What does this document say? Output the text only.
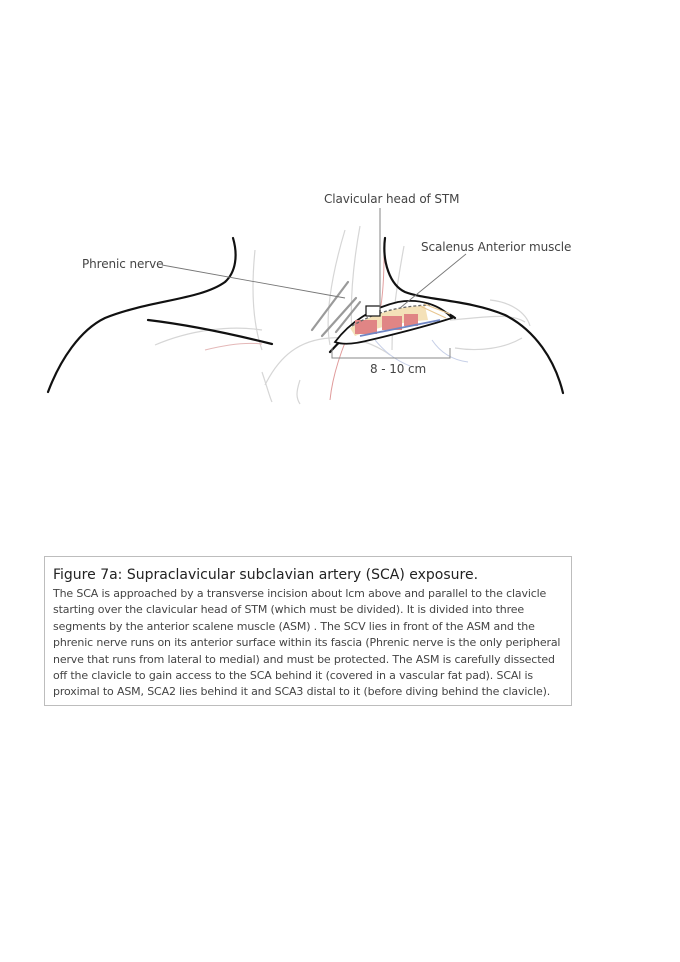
Phrenic nerve
Clavicular head of STM
Scalenus Anterior muscle
8 - 10 cm

Figure 7a: Supraclavicular subclavian artery (SCA) exposure.

The SCA is approached by a transverse incision about lcm above and parallel to the clavicle starting over the clavicular head of STM (which must be divided). It is divided into three segments by the anterior scalene muscle (ASM) . The SCV lies in front of the ASM and the phrenic nerve runs on its anterior surface within its fascia (Phrenic nerve is the only peripheral nerve that runs from lateral to medial) and must be protected. The ASM is carefully dissected off the clavicle to gain access to the SCA behind it (covered in a vascular fat pad). SCAl is proximal to ASM, SCA2 lies behind it and SCA3 distal to it (before diving behind the clavicle).
